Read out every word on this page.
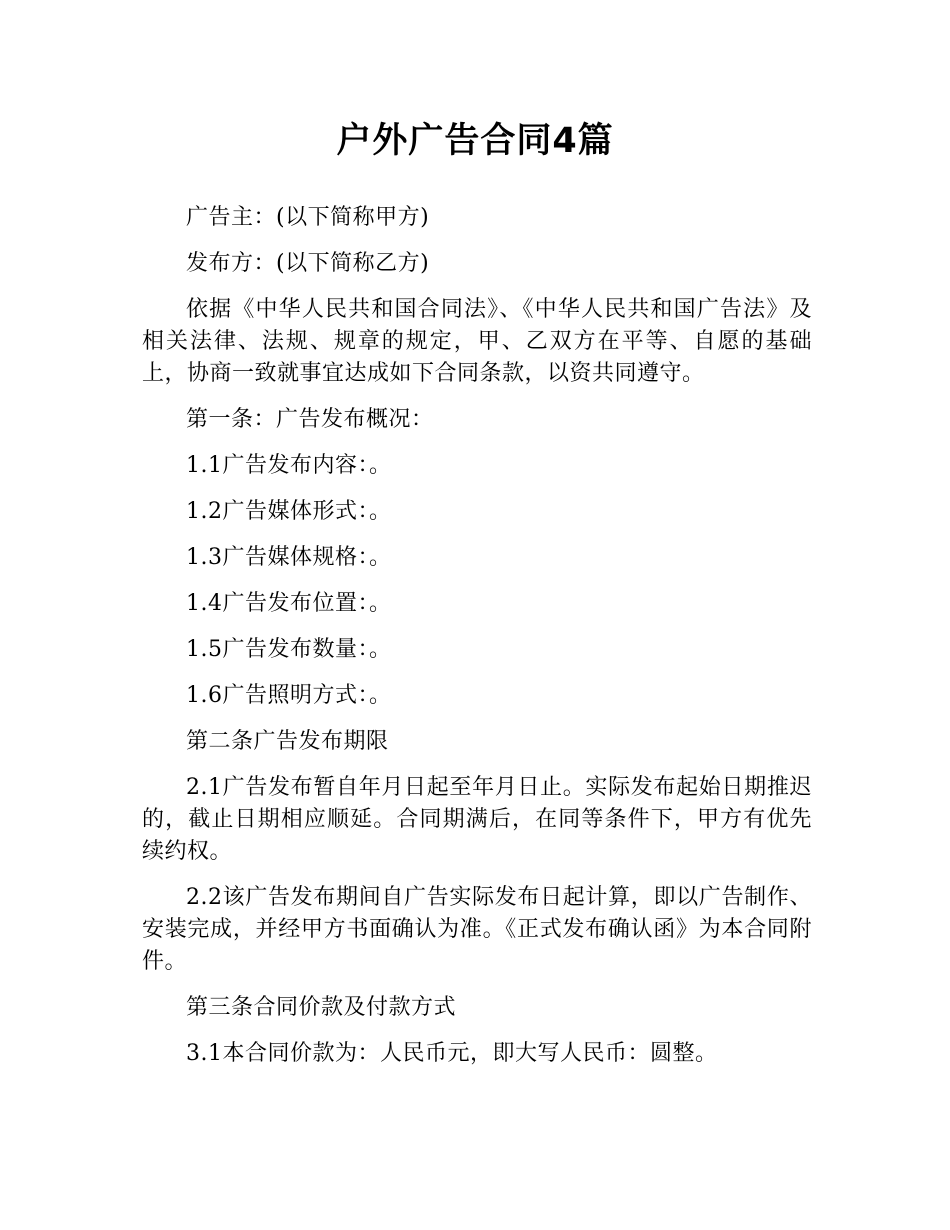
户外广告合同4篇

广告主：(以下简称甲方)

发布方：(以下简称乙方)

依据《中华人民共和国合同法》、《中华人民共和国广告法》及相关法律、法规、规章的规定，甲、乙双方在平等、自愿的基础上，协商一致就事宜达成如下合同条款，以资共同遵守。

第一条：广告发布概况：

1.1广告发布内容：。

1.2广告媒体形式：。

1.3广告媒体规格：。

1.4广告发布位置：。

1.5广告发布数量：。

1.6广告照明方式：。

第二条广告发布期限

2.1广告发布暂自年月日起至年月日止。实际发布起始日期推迟的，截止日期相应顺延。合同期满后，在同等条件下，甲方有优先续约权。

2.2该广告发布期间自广告实际发布日起计算，即以广告制作、安装完成，并经甲方书面确认为准。《正式发布确认函》为本合同附件。

第三条合同价款及付款方式

3.1本合同价款为：人民币元，即大写人民币：圆整。
